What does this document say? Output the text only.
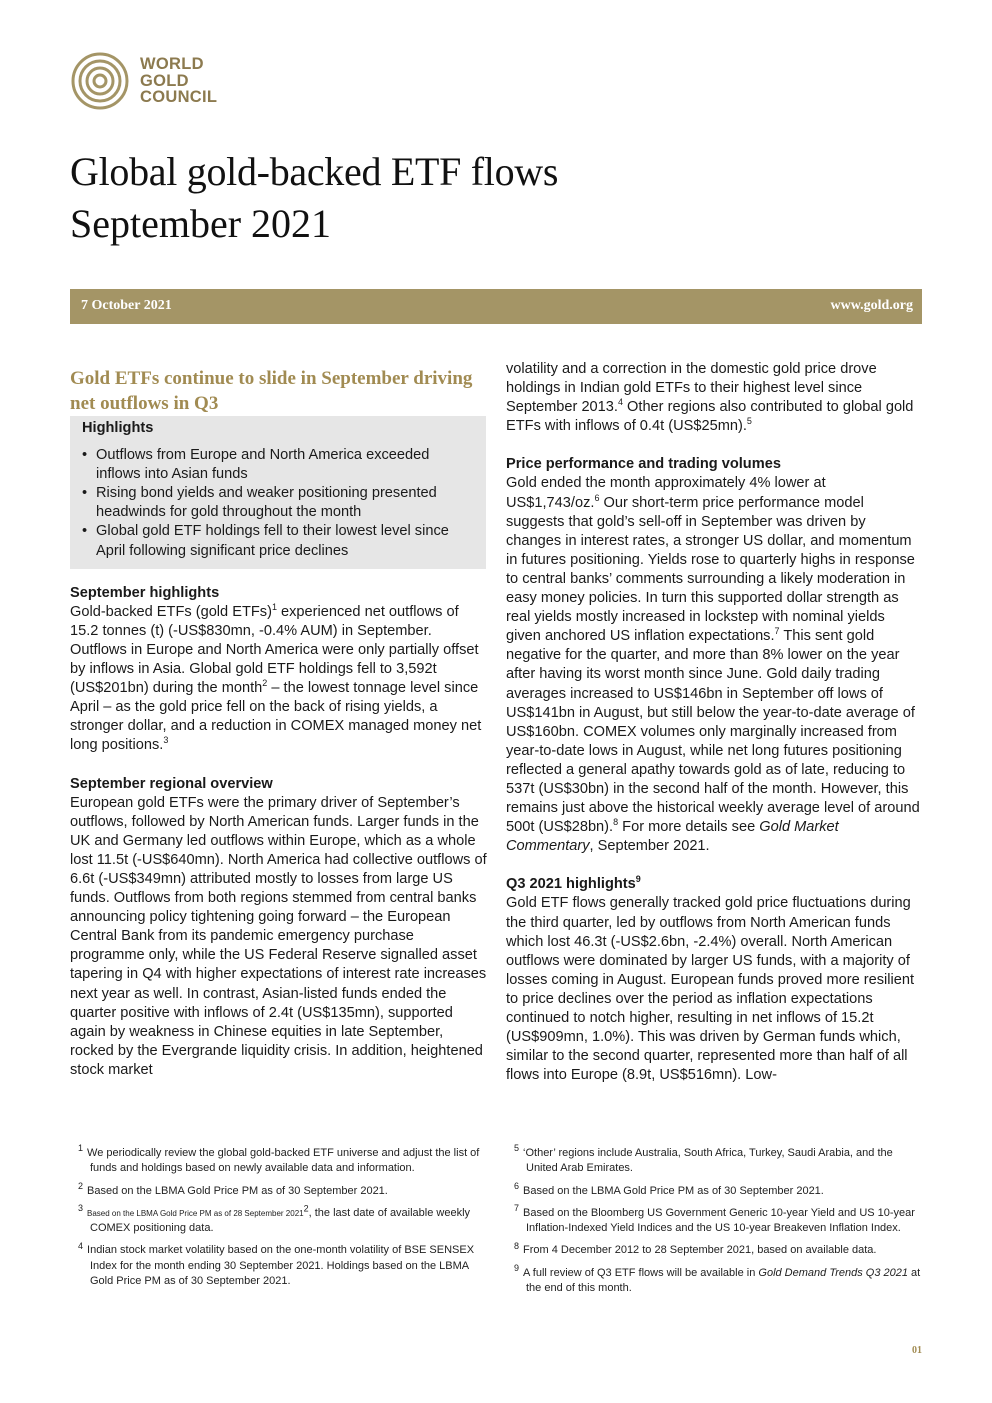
WORLD
GOLD
COUNCIL
Global gold-backed ETF flows
September 2021
7 October 2021	www.gold.org

Gold ETFs continue to slide in September driving net outflows in Q3

Highlights

• Outflows from Europe and North America exceeded inflows into Asian funds
• Rising bond yields and weaker positioning presented headwinds for gold throughout the month
• Global gold ETF holdings fell to their lowest level since April following significant price declines

September highlights

Gold-backed ETFs (gold ETFs)$^1$ experienced net outflows of 15.2 tonnes (t) (-US$830mn, -0.4% AUM) in September. Outflows in Europe and North America were only partially offset by inflows in Asia. Global gold ETF holdings fell to 3,592t (US$201bn) during the month$^2$ – the lowest tonnage level since April – as the gold price fell on the back of rising yields, a stronger dollar, and a reduction in COMEX managed money net long positions.$^3$

September regional overview

European gold ETFs were the primary driver of September’s outflows, followed by North American funds. Larger funds in the UK and Germany led outflows within Europe, which as a whole lost 11.5t (-US$640mn). North America had collective outflows of 6.6t (-US$349mn) attributed mostly to losses from large US funds. Outflows from both regions stemmed from central banks announcing policy tightening going forward – the European Central Bank from its pandemic emergency purchase programme only, while the US Federal Reserve signalled asset tapering in Q4 with higher expectations of interest rate increases next year as well. In contrast, Asian-listed funds ended the quarter positive with inflows of 2.4t (US$135mn), supported again by weakness in Chinese equities in late September, rocked by the Evergrande liquidity crisis. In addition, heightened stock market

volatility and a correction in the domestic gold price drove holdings in Indian gold ETFs to their highest level since September 2013.$^4$ Other regions also contributed to global gold ETFs with inflows of 0.4t (US$25mn).$^5$

Price performance and trading volumes

Gold ended the month approximately 4% lower at US$1,743/oz.$^6$ Our short-term price performance model suggests that gold’s sell-off in September was driven by changes in interest rates, a stronger US dollar, and momentum in futures positioning. Yields rose to quarterly highs in response to central banks’ comments surrounding a likely moderation in easy money policies. In turn this supported dollar strength as real yields mostly increased in lockstep with nominal yields given anchored US inflation expectations.$^7$ This sent gold negative for the quarter, and more than 8% lower on the year after having its worst month since June. Gold daily trading averages increased to US$146bn in September off lows of US$141bn in August, but still below the year-to-date average of US$160bn. COMEX volumes only marginally increased from year-to-date lows in August, while net long futures positioning reflected a general apathy towards gold as of late, reducing to 537t (US$30bn) in the second half of the month. However, this remains just above the historical weekly average level of around 500t (US$28bn).$^8$ For more details see Gold Market Commentary, September 2021.

Q3 2021 highlights$^9$

Gold ETF flows generally tracked gold price fluctuations during the third quarter, led by outflows from North American funds which lost 46.3t (-US$2.6bn, -2.4%) overall. North American outflows were dominated by larger US funds, with a majority of losses coming in August. European funds proved more resilient to price declines over the period as inflation expectations continued to notch higher, resulting in net inflows of 15.2t (US$909mn, 1.0%). This was driven by German funds which, similar to the second quarter, represented more than half of all flows into Europe (8.9t, US$516mn). Low-

$^1$ We periodically review the global gold-backed ETF universe and adjust the list of funds and holdings based on newly available data and information.
$^2$ Based on the LBMA Gold Price PM as of 30 September 2021.
$^3$Based on the LBMA Gold Price PM as of 28 September 2021$^2$, the last date of available weekly COMEX positioning data.
$^4$ Indian stock market volatility based on the one-month volatility of BSE SENSEX Index for the month ending 30 September 2021. Holdings based on the LBMA Gold Price PM as of 30 September 2021.
$^5$ ‘Other’ regions include Australia, South Africa, Turkey, Saudi Arabia, and the United Arab Emirates.
$^6$ Based on the LBMA Gold Price PM as of 30 September 2021.
$^7$ Based on the Bloomberg US Government Generic 10-year Yield and US 10-year Inflation-Indexed Yield Indices and the US 10-year Breakeven Inflation Index.
$^8$ From 4 December 2012 to 28 September 2021, based on available data.
$^9$ A full review of Q3 ETF flows will be available in Gold Demand Trends Q3 2021 at the end of this month.
01
